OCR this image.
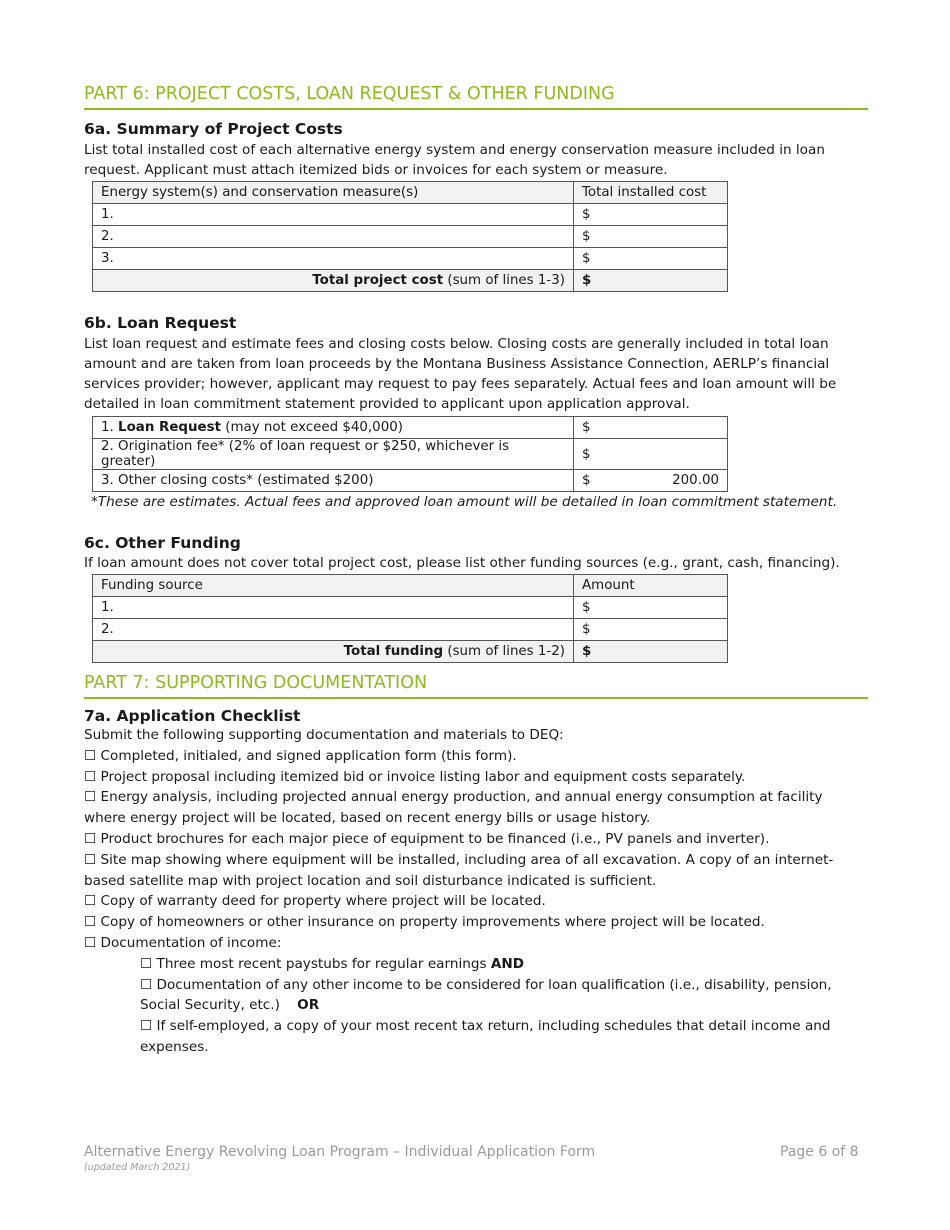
PART 6: PROJECT COSTS, LOAN REQUEST & OTHER FUNDING
6a. Summary of Project Costs

List total installed cost of each alternative energy system and energy conservation measure included in loan request. Applicant must attach itemized bids or invoices for each system or measure.

Energy system(s) and conservation measure(s)	Total installed cost
1.	$
2.	$
3.	$
Total project cost (sum of lines 1-3)	$
6b. Loan Request

List loan request and estimate fees and closing costs below. Closing costs are generally included in total loan amount and are taken from loan proceeds by the Montana Business Assistance Connection, AERLP’s financial services provider; however, applicant may request to pay fees separately. Actual fees and loan amount will be detailed in loan commitment statement provided to applicant upon application approval.

1. Loan Request (may not exceed $40,000)	$
2. Origination fee* (2% of loan request or $250, whichever is greater)	$
3. Other closing costs* (estimated $200)	$ 200.00

*These are estimates. Actual fees and approved loan amount will be detailed in loan commitment statement.

6c. Other Funding

If loan amount does not cover total project cost, please list other funding sources (e.g., grant, cash, financing).

Funding source	Amount
1.	$
2.	$
Total funding (sum of lines 1-2)	$
PART 7: SUPPORTING DOCUMENTATION
7a. Application Checklist

Submit the following supporting documentation and materials to DEQ:

☐ Completed, initialed, and signed application form (this form).

☐ Project proposal including itemized bid or invoice listing labor and equipment costs separately.

☐ Energy analysis, including projected annual energy production, and annual energy consumption at facility where energy project will be located, based on recent energy bills or usage history.

☐ Product brochures for each major piece of equipment to be financed (i.e., PV panels and inverter).

☐ Site map showing where equipment will be installed, including area of all excavation. A copy of an internet-based satellite map with project location and soil disturbance indicated is sufficient.

☐ Copy of warranty deed for property where project will be located.

☐ Copy of homeowners or other insurance on property improvements where project will be located.

☐ Documentation of income:

☐ Three most recent paystubs for regular earnings AND

☐ Documentation of any other income to be considered for loan qualification (i.e., disability, pension, Social Security, etc.)    OR

☐ If self-employed, a copy of your most recent tax return, including schedules that detail income and expenses.

Alternative Energy Revolving Loan Program – Individual Application Form
(updated March 2021)
Page 6 of 8
